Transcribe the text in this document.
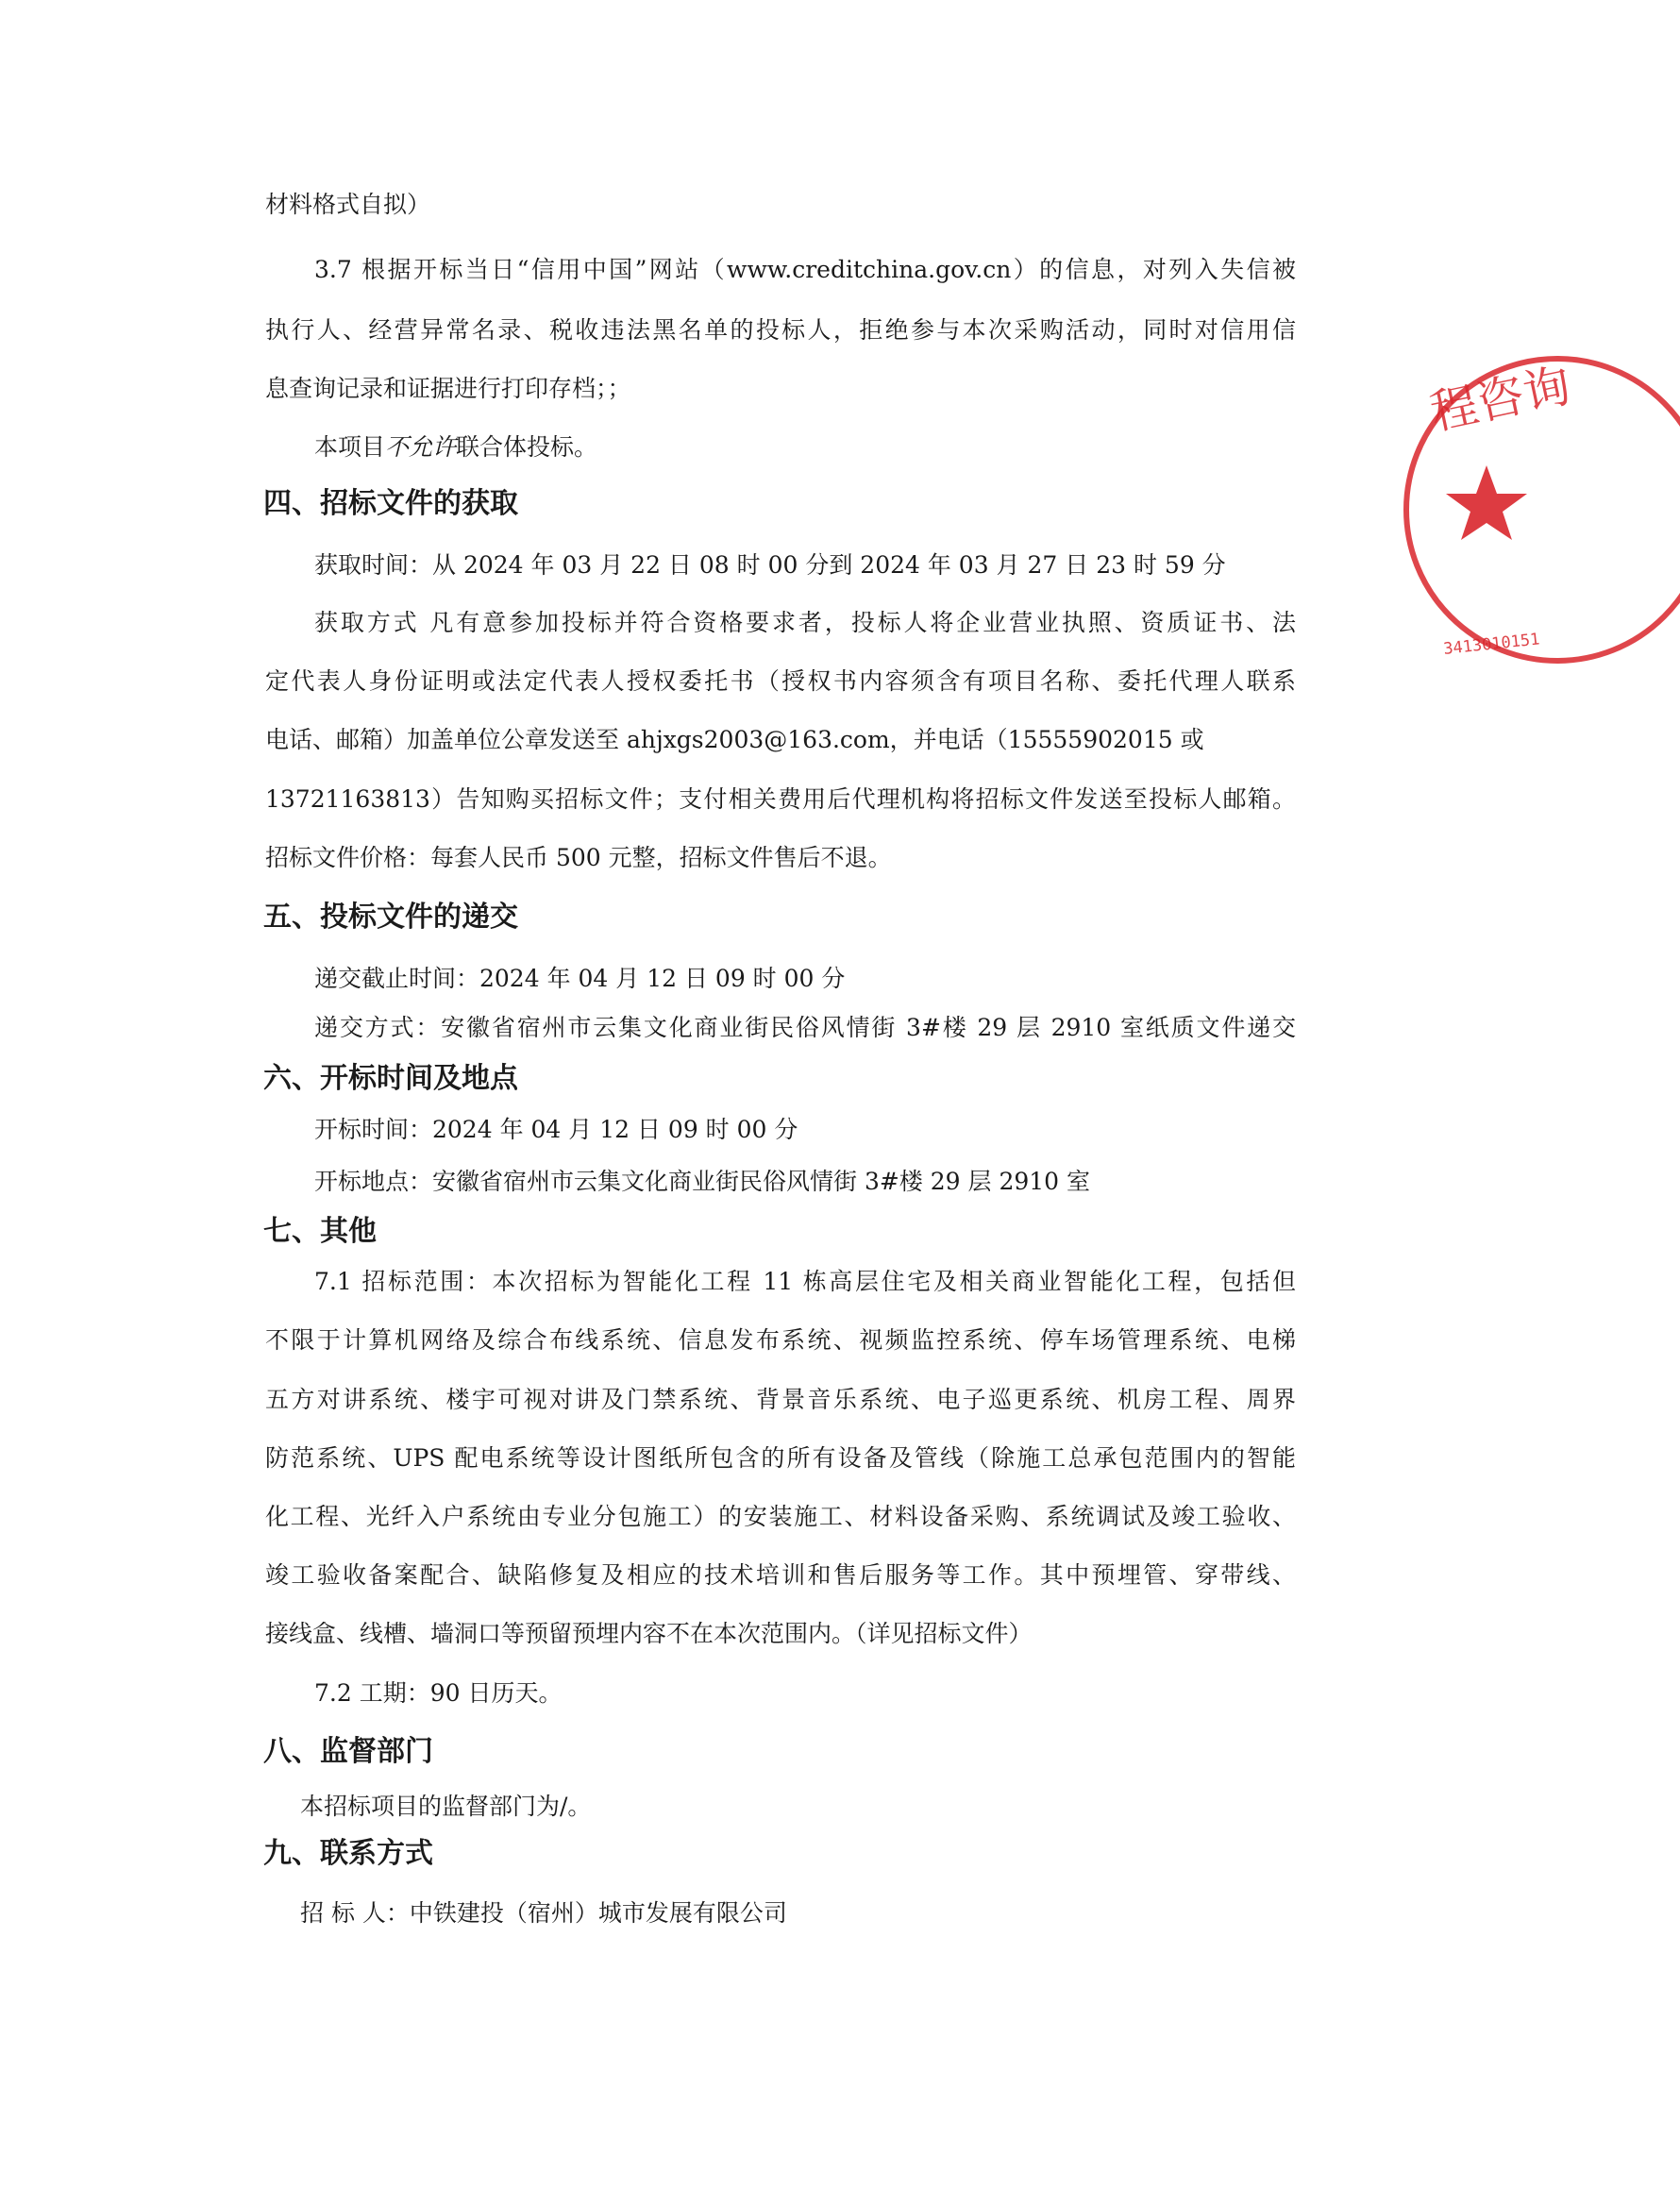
材料格式自拟）
3.7 根据开标当日“信用中国”网站（www.creditchina.gov.cn）的信息，对列入失信被
执行人、经营异常名录、税收违法黑名单的投标人，拒绝参与本次采购活动，同时对信用信
息查询记录和证据进行打印存档；；
本项目不允许联合体投标。
四、招标文件的获取
获取时间：从 2024 年 03 月 22 日 08 时 00 分到 2024 年 03 月 27 日 23 时 59 分
获取方式 凡有意参加投标并符合资格要求者，投标人将企业营业执照、资质证书、法
定代表人身份证明或法定代表人授权委托书（授权书内容须含有项目名称、委托代理人联系
电话、邮箱）加盖单位公章发送至 ahjxgs2003@163.com，并电话（15555902015 或
13721163813）告知购买招标文件；支付相关费用后代理机构将招标文件发送至投标人邮箱。
招标文件价格：每套人民币 500 元整，招标文件售后不退。
五、投标文件的递交
递交截止时间：2024 年 04 月 12 日 09 时 00 分
递交方式：安徽省宿州市云集文化商业街民俗风情街 3#楼 29 层 2910 室纸质文件递交
六、开标时间及地点
开标时间：2024 年 04 月 12 日 09 时 00 分
开标地点：安徽省宿州市云集文化商业街民俗风情街 3#楼 29 层 2910 室
七、其他
7.1 招标范围：本次招标为智能化工程 11 栋高层住宅及相关商业智能化工程，包括但
不限于计算机网络及综合布线系统、信息发布系统、视频监控系统、停车场管理系统、电梯
五方对讲系统、楼宇可视对讲及门禁系统、背景音乐系统、电子巡更系统、机房工程、周界
防范系统、UPS 配电系统等设计图纸所包含的所有设备及管线（除施工总承包范围内的智能
化工程、光纤入户系统由专业分包施工）的安装施工、材料设备采购、系统调试及竣工验收、
竣工验收备案配合、缺陷修复及相应的技术培训和售后服务等工作。其中预埋管、穿带线、
接线盒、线槽、墙洞口等预留预埋内容不在本次范围内。（详见招标文件）
7.2 工期：90 日历天。
八、监督部门
本招标项目的监督部门为/。
九、联系方式
招 标 人：中铁建投（宿州）城市发展有限公司
程咨询
3413010151
